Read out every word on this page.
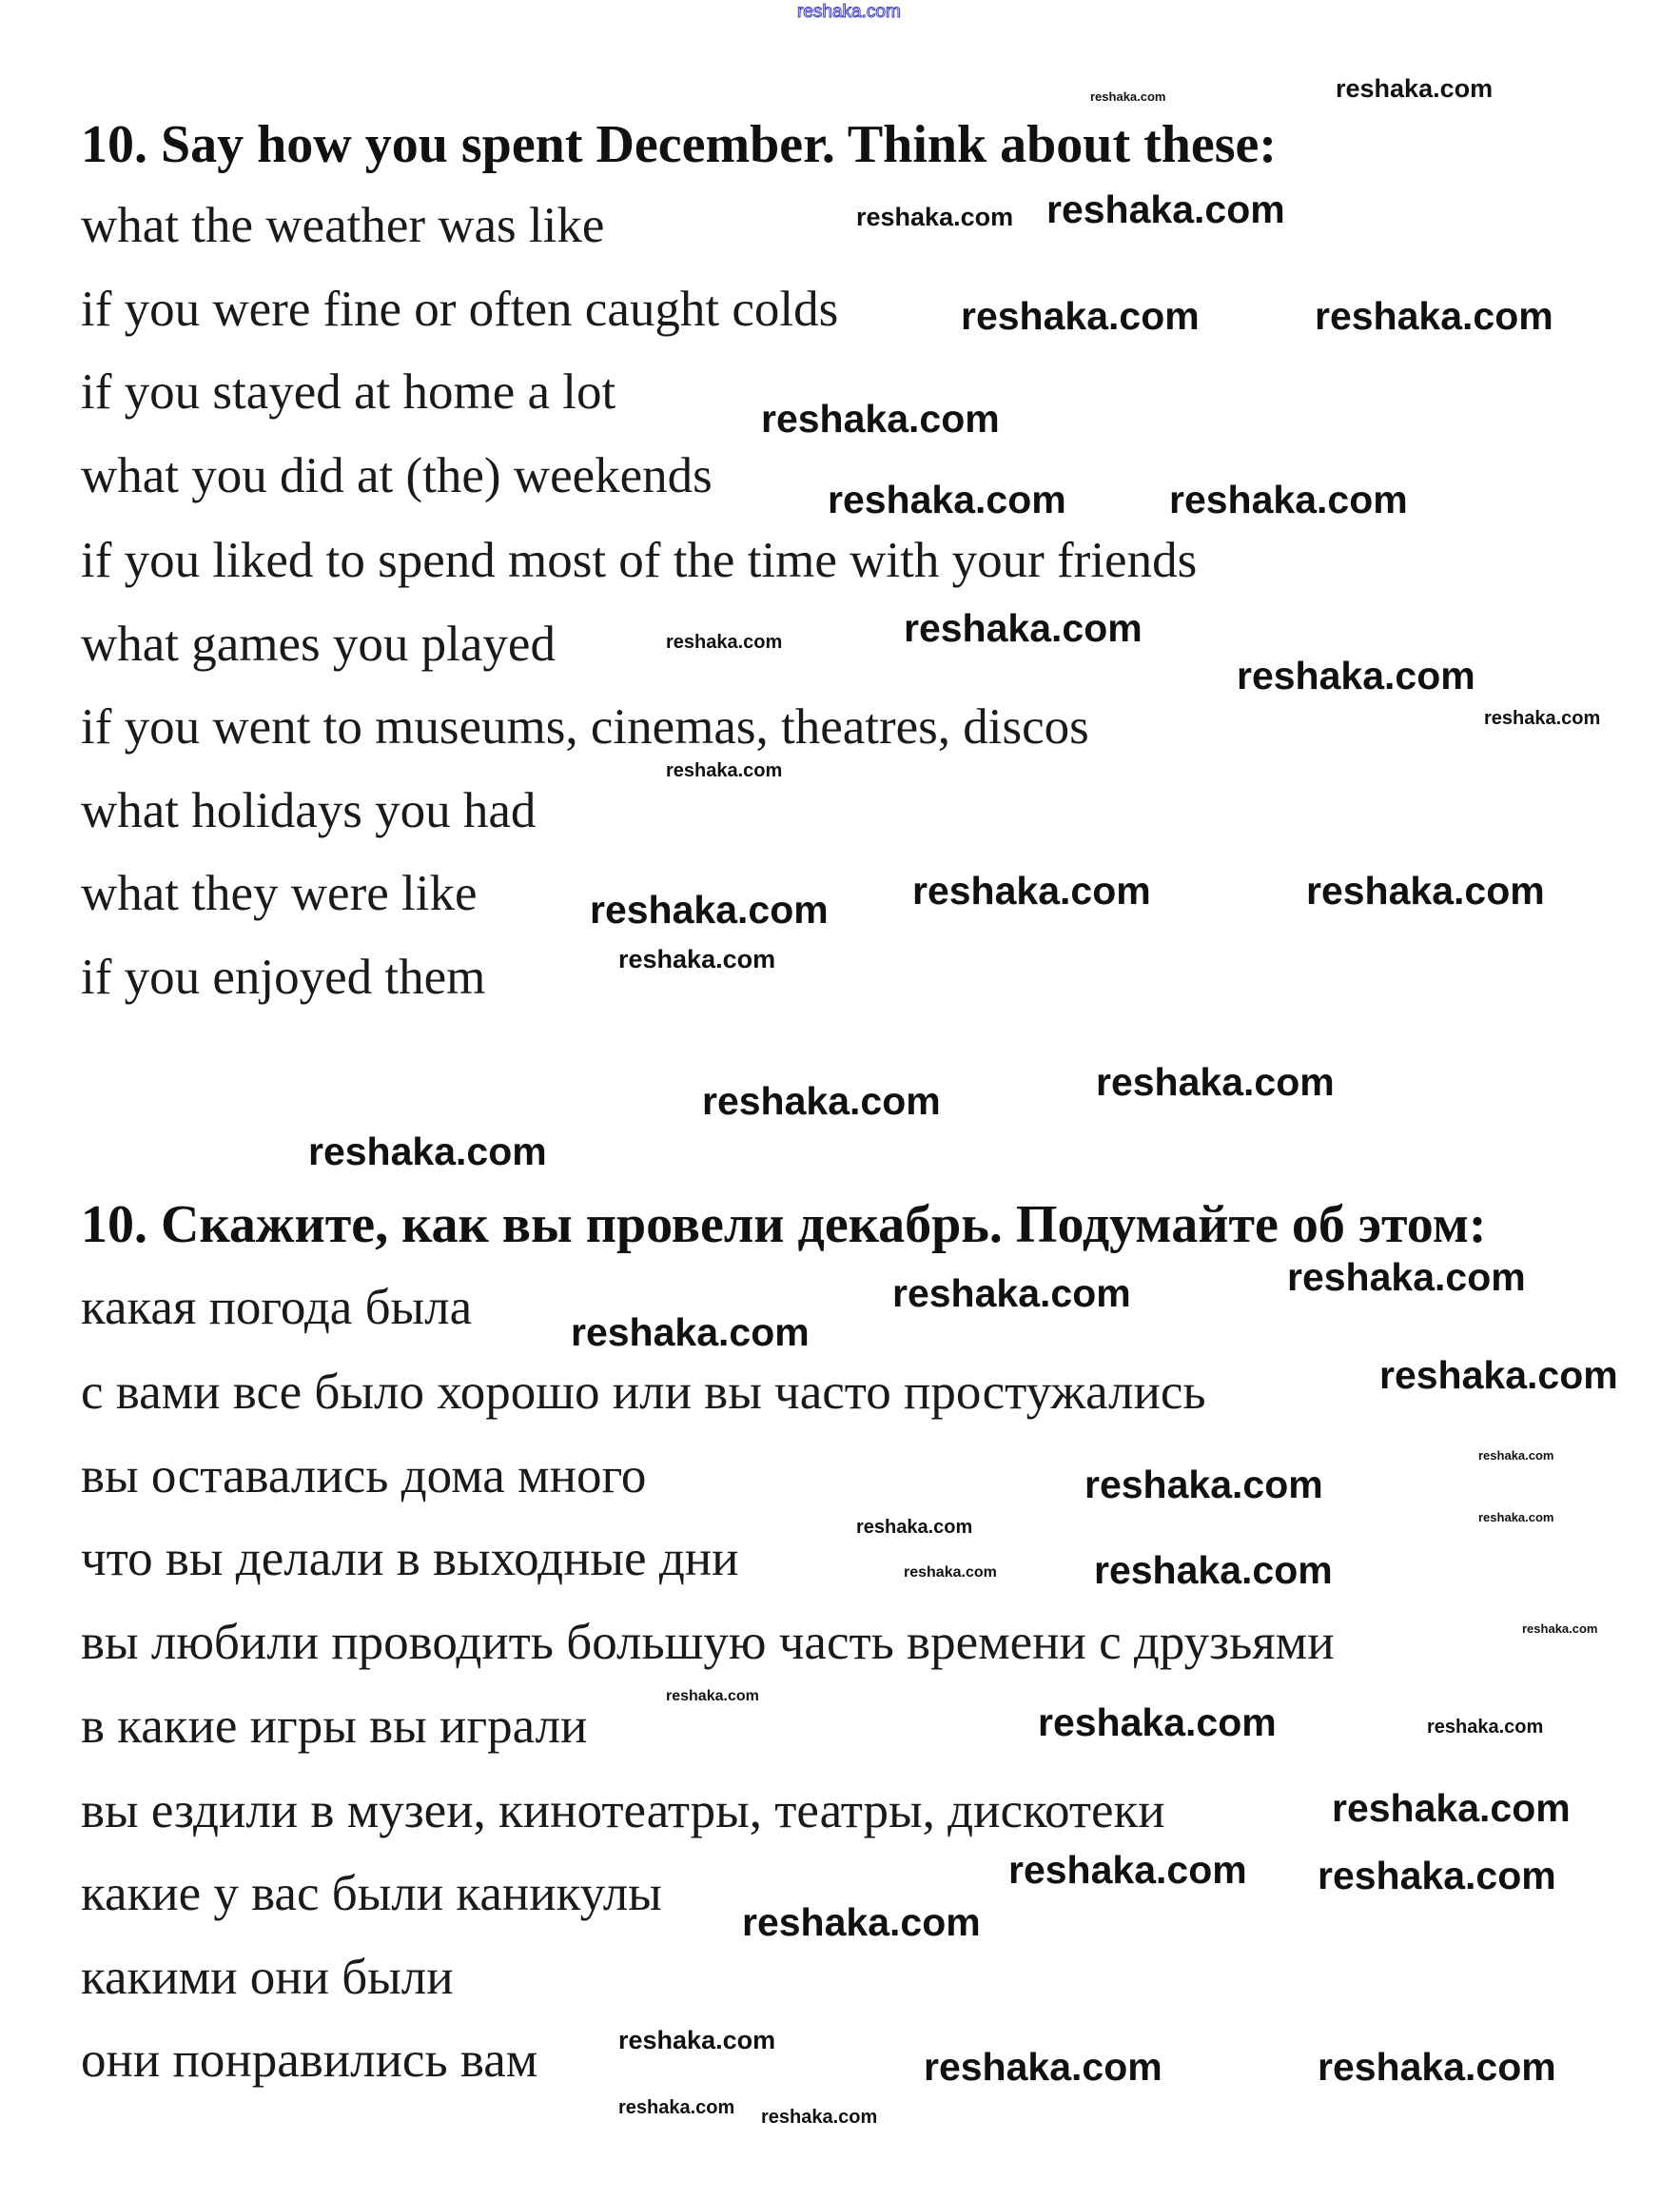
reshaka.com
10. Say how you spent December. Think about these:
what the weather was like
if you were fine or often caught colds
if you stayed at home a lot
what you did at (the) weekends
if you liked to spend most of the time with your friends
what games you played
if you went to museums, cinemas, theatres, discos
what holidays you had
what they were like
if you enjoyed them
10. Скажите, как вы провели декабрь. Подумайте об этом:
какая погода была
с вами все было хорошо или вы часто простужались
вы оставались дома много
что вы делали в выходные дни
вы любили проводить большую часть времени с друзьями
в какие игры вы играли
вы ездили в музеи, кинотеатры, театры, дискотеки
какие у вас были каникулы
какими они были
они понравились вам
reshaka.com	reshaka.com
reshaka.com reshaka.com
reshaka.com	reshaka.com
reshaka.com
reshaka.com	reshaka.com
reshaka.com	reshaka.com
reshaka.com
reshaka.com
reshaka.com
reshaka.com reshaka.com	reshaka.com
reshaka.com
reshaka.com	reshaka.com
reshaka.com
reshaka.com	reshaka.com
reshaka.com
reshaka.com
reshaka.com
reshaka.com
reshaka.com
reshaka.com
reshaka.com reshaka.com
reshaka.com
reshaka.com
reshaka.com	reshaka.com
reshaka.com
reshaka.com
reshaka.com reshaka.com
reshaka.com reshaka.com
reshaka.com
reshaka.com	reshaka.com
